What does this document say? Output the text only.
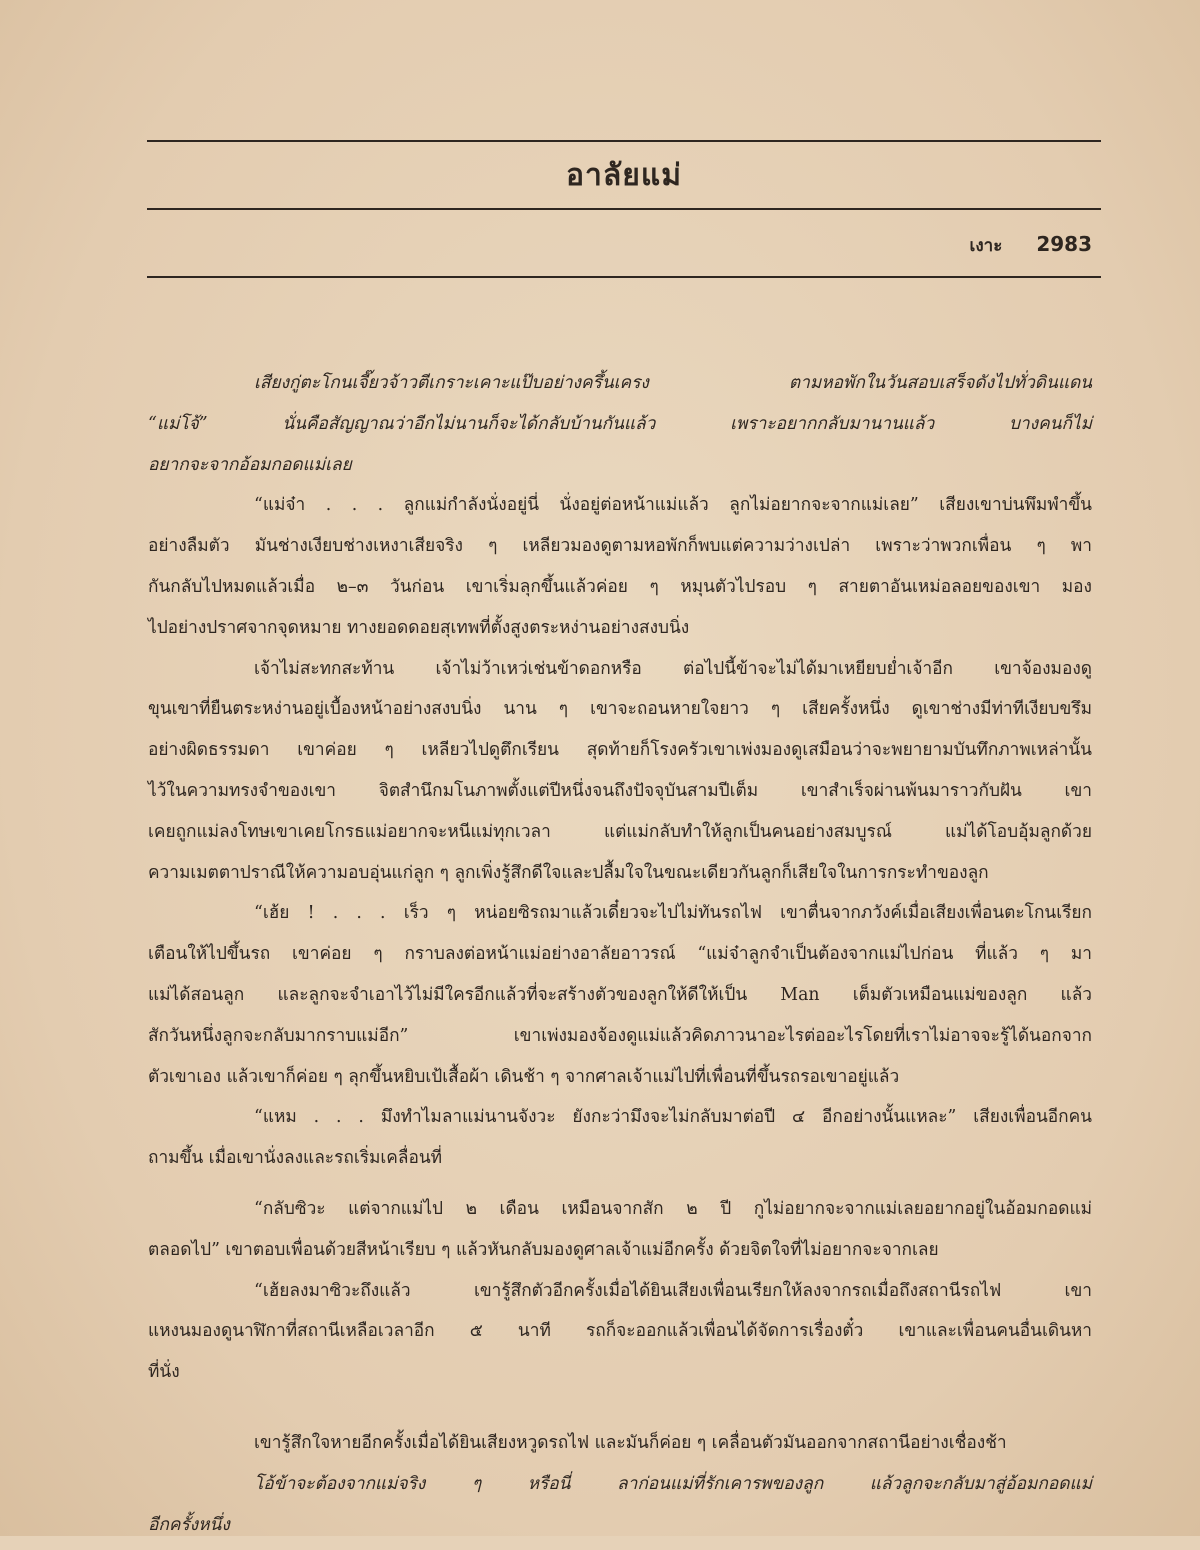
อาลัยแม่
เงาะ 2983
เสียงกู่ตะโกนเจี๊ยวจ้าวตีเกราะเคาะแป๊บอย่างครึ้นเครง ตามหอพักในวันสอบเสร็จดังไปทั่วดินแดน
“แม่โจ้” นั่นคือสัญญาณว่าอีกไม่นานก็จะได้กลับบ้านกันแล้ว เพราะอยากกลับมานานแล้ว บางคนก็ไม่
อยากจะจากอ้อมกอดแม่เลย
“แม่จ๋า . . . ลูกแม่กำลังนั่งอยู่นี่ นั่งอยู่ต่อหน้าแม่แล้ว ลูกไม่อยากจะจากแม่เลย” เสียงเขาบ่นพึมพำขึ้น
อย่างลืมตัว มันช่างเงียบช่างเหงาเสียจริง ๆ เหลียวมองดูตามหอพักก็พบแต่ความว่างเปล่า เพราะว่าพวกเพื่อน ๆ พา
กันกลับไปหมดแล้วเมื่อ ๒–๓ วันก่อน เขาเริ่มลุกขึ้นแล้วค่อย ๆ หมุนตัวไปรอบ ๆ สายตาอันเหม่อลอยของเขา มอง
ไปอย่างปราศจากจุดหมาย ทางยอดดอยสุเทพที่ตั้งสูงตระหง่านอย่างสงบนิ่ง
เจ้าไม่สะทกสะท้าน เจ้าไม่ว้าเหว่เช่นข้าดอกหรือ ต่อไปนี้ข้าจะไม่ได้มาเหยียบย่ำเจ้าอีก เขาจ้องมองดู
ขุนเขาที่ยืนตระหง่านอยู่เบื้องหน้าอย่างสงบนิ่ง นาน ๆ เขาจะถอนหายใจยาว ๆ เสียครั้งหนึ่ง ดูเขาช่างมีท่าทีเงียบขรึม
อย่างผิดธรรมดา เขาค่อย ๆ เหลียวไปดูตึกเรียน สุดท้ายก็โรงครัวเขาเพ่งมองดูเสมือนว่าจะพยายามบันทึกภาพเหล่านั้น
ไว้ในความทรงจำของเขา จิตสำนึกมโนภาพตั้งแต่ปีหนึ่งจนถึงปัจจุบันสามปีเต็ม เขาสำเร็จผ่านพ้นมาราวกับฝัน เขา
เคยถูกแม่ลงโทษเขาเคยโกรธแม่อยากจะหนีแม่ทุกเวลา แต่แม่กลับทำให้ลูกเป็นคนอย่างสมบูรณ์ แม่ได้โอบอุ้มลูกด้วย
ความเมตตาปราณีให้ความอบอุ่นแก่ลูก ๆ ลูกเพิ่งรู้สึกดีใจและปลื้มใจในขณะเดียวกันลูกก็เสียใจในการกระทำของลูก
“เฮ้ย ! . . . เร็ว ๆ หน่อยซิรถมาแล้วเดี๋ยวจะไปไม่ทันรถไฟ เขาตื่นจากภวังค์เมื่อเสียงเพื่อนตะโกนเรียก
เตือนให้ไปขึ้นรถ เขาค่อย ๆ กราบลงต่อหน้าแม่อย่างอาลัยอาวรณ์ “แม่จ๋าลูกจำเป็นต้องจากแม่ไปก่อน ที่แล้ว ๆ มา
แม่ได้สอนลูก และลูกจะจำเอาไว้ไม่มีใครอีกแล้วที่จะสร้างตัวของลูกให้ดีให้เป็น Man เต็มตัวเหมือนแม่ของลูก แล้ว
สักวันหนึ่งลูกจะกลับมากราบแม่อีก” เขาเพ่งมองจ้องดูแม่แล้วคิดภาวนาอะไรต่ออะไรโดยที่เราไม่อาจจะรู้ได้นอกจาก
ตัวเขาเอง แล้วเขาก็ค่อย ๆ ลุกขึ้นหยิบเป้เสื้อผ้า เดินช้า ๆ จากศาลเจ้าแม่ไปที่เพื่อนที่ขึ้นรถรอเขาอยู่แล้ว
“แหม . . . มึงทำไมลาแม่นานจังวะ ยังกะว่ามึงจะไม่กลับมาต่อปี ๔ อีกอย่างนั้นแหละ” เสียงเพื่อนอีกคน
ถามขึ้น เมื่อเขานั่งลงและรถเริ่มเคลื่อนที่
“กลับซิวะ แต่จากแม่ไป ๒ เดือน เหมือนจากสัก ๒ ปี กูไม่อยากจะจากแม่เลยอยากอยู่ในอ้อมกอดแม่
ตลอดไป” เขาตอบเพื่อนด้วยสีหน้าเรียบ ๆ แล้วหันกลับมองดูศาลเจ้าแม่อีกครั้ง ด้วยจิตใจที่ไม่อยากจะจากเลย
“เฮ้ยลงมาซิวะถึงแล้ว เขารู้สึกตัวอีกครั้งเมื่อได้ยินเสียงเพื่อนเรียกให้ลงจากรถเมื่อถึงสถานีรถไฟ เขา
แหงนมองดูนาฬิกาที่สถานีเหลือเวลาอีก ๕ นาที รถก็จะออกแล้วเพื่อนได้จัดการเรื่องตั๋ว เขาและเพื่อนคนอื่นเดินหา
ที่นั่ง
เขารู้สึกใจหายอีกครั้งเมื่อได้ยินเสียงหวูดรถไฟ และมันก็ค่อย ๆ เคลื่อนตัวมันออกจากสถานีอย่างเชื่องช้า
โอ้ข้าจะต้องจากแม่จริง ๆ หรือนี่ ลาก่อนแม่ที่รักเคารพของลูก แล้วลูกจะกลับมาสู่อ้อมกอดแม่
อีกครั้งหนึ่ง
